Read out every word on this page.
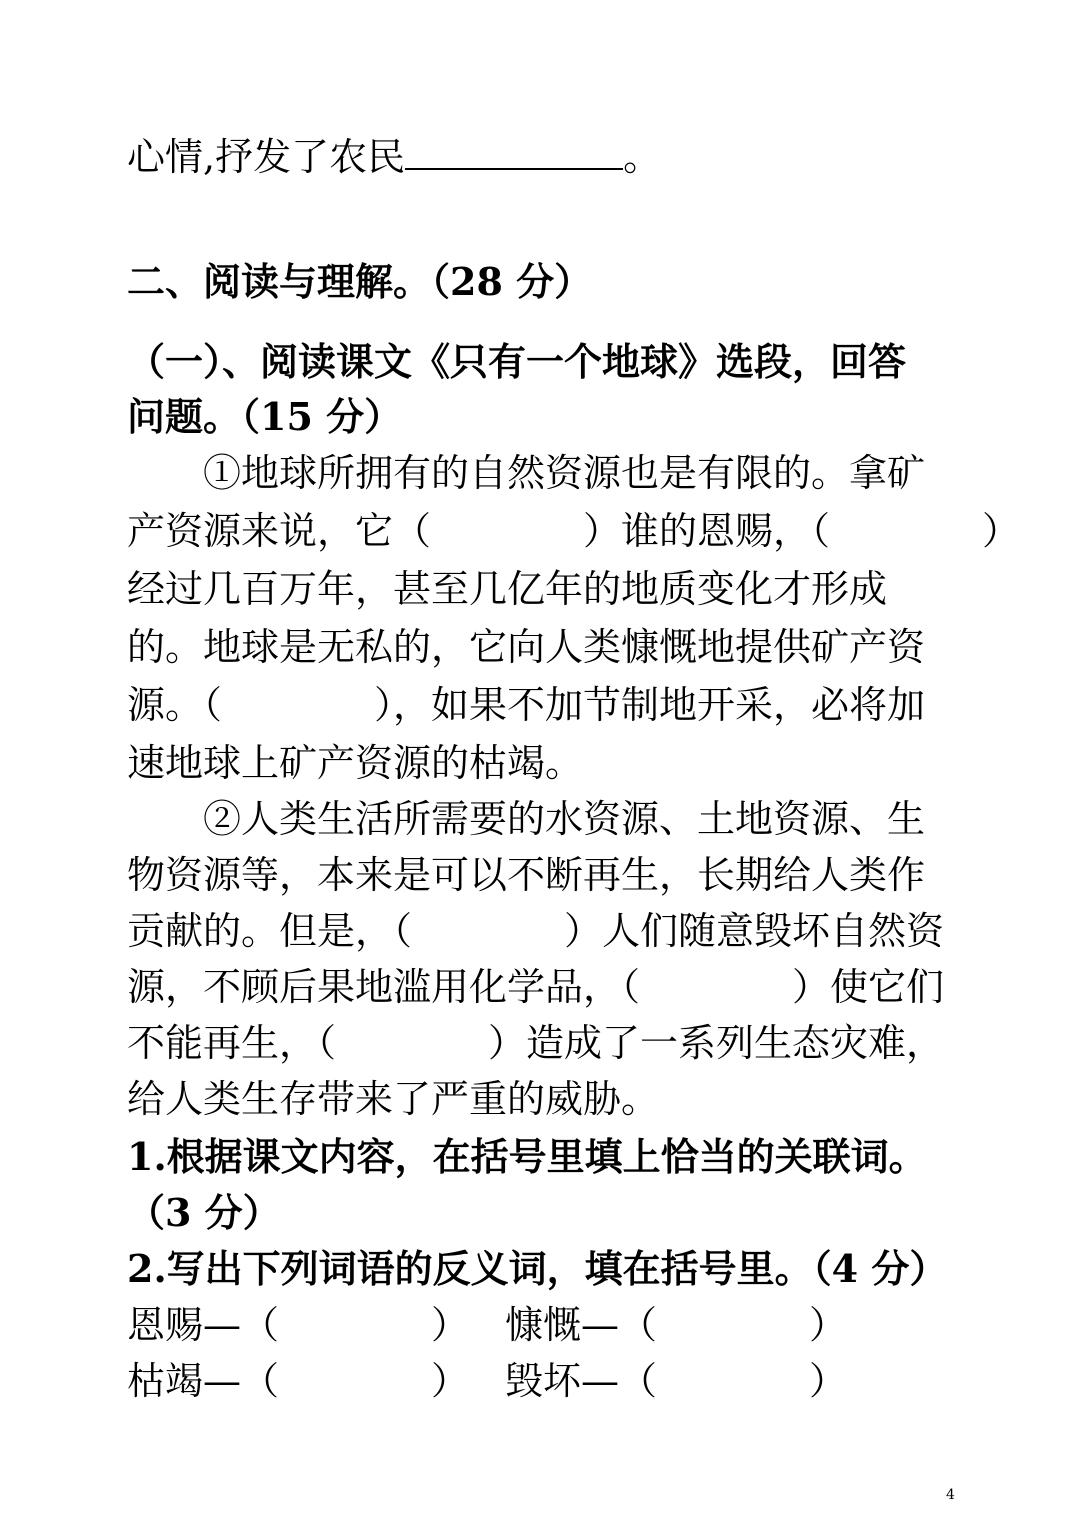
心情,抒发了农民	。
二、阅读与理解。（28 分）
（一）、阅读课文《只有一个地球》选段，回答
问题。（15 分）
　　①地球所拥有的自然资源也是有限的。拿矿
产资源来说，它（　　　　）谁的恩赐，（　　　　）
经过几百万年，甚至几亿年的地质变化才形成
的。地球是无私的，它向人类慷慨地提供矿产资
源。（　　　　），如果不加节制地开采，必将加
速地球上矿产资源的枯竭。
　　②人类生活所需要的水资源、土地资源、生
物资源等，本来是可以不断再生，长期给人类作
贡献的。但是，（　　　　）人们随意毁坏自然资
源，不顾后果地滥用化学品，（　　　　）使它们
不能再生，（　　　　）造成了一系列生态灾难，
给人类生存带来了严重的威胁。
1.根据课文内容，在括号里填上恰当的关联词。
（3 分）
2.写出下列词语的反义词，填在括号里。（4 分）
恩赐—（　　　　） 慷慨—（　　　　）
枯竭—（　　　　） 毁坏—（　　　　）
4
